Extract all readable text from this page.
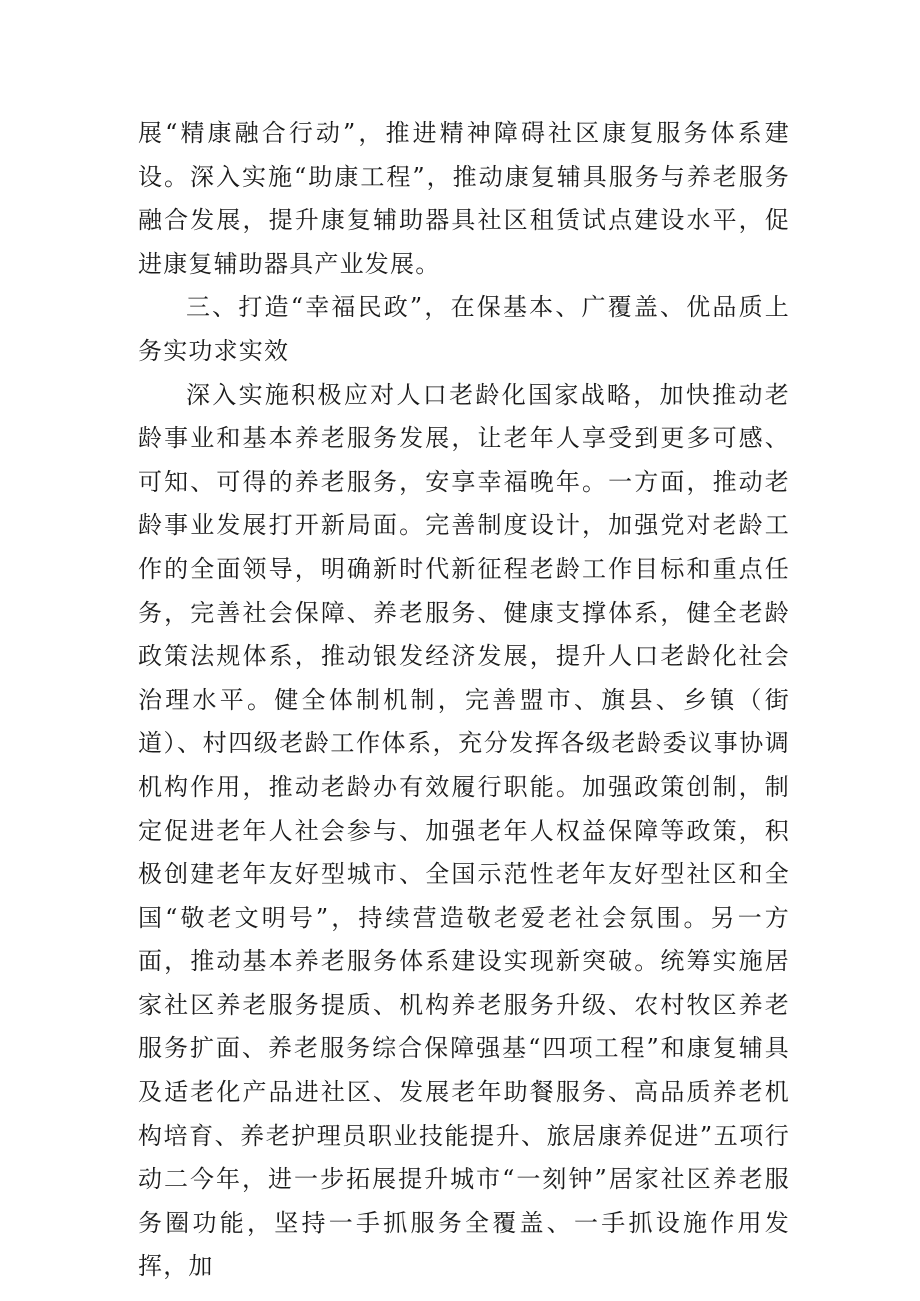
展“精康融合行动”，推进精神障碍社区康复服务体系建设。深入实施“助康工程”，推动康复辅具服务与养老服务融合发展，提升康复辅助器具社区租赁试点建设水平，促进康复辅助器具产业发展。

三、打造“幸福民政”，在保基本、广覆盖、优品质上务实功求实效

深入实施积极应对人口老龄化国家战略，加快推动老龄事业和基本养老服务发展，让老年人享受到更多可感、可知、可得的养老服务，安享幸福晚年。一方面，推动老龄事业发展打开新局面。完善制度设计，加强党对老龄工作的全面领导，明确新时代新征程老龄工作目标和重点任务，完善社会保障、养老服务、健康支撑体系，健全老龄政策法规体系，推动银发经济发展，提升人口老龄化社会治理水平。健全体制机制，完善盟市、旗县、乡镇（街道）、村四级老龄工作体系，充分发挥各级老龄委议事协调机构作用，推动老龄办有效履行职能。加强政策创制，制定促进老年人社会参与、加强老年人权益保障等政策，积极创建老年友好型城市、全国示范性老年友好型社区和全国“敬老文明号”，持续营造敬老爱老社会氛围。另一方面，推动基本养老服务体系建设实现新突破。统筹实施居家社区养老服务提质、机构养老服务升级、农村牧区养老服务扩面、养老服务综合保障强基“四项工程”和康复辅具及适老化产品进社区、发展老年助餐服务、高品质养老机构培育、养老护理员职业技能提升、旅居康养促进”五项行动二今年，进一步拓展提升城市“一刻钟”居家社区养老服务圈功能，坚持一手抓服务全覆盖、一手抓设施作用发挥，加
